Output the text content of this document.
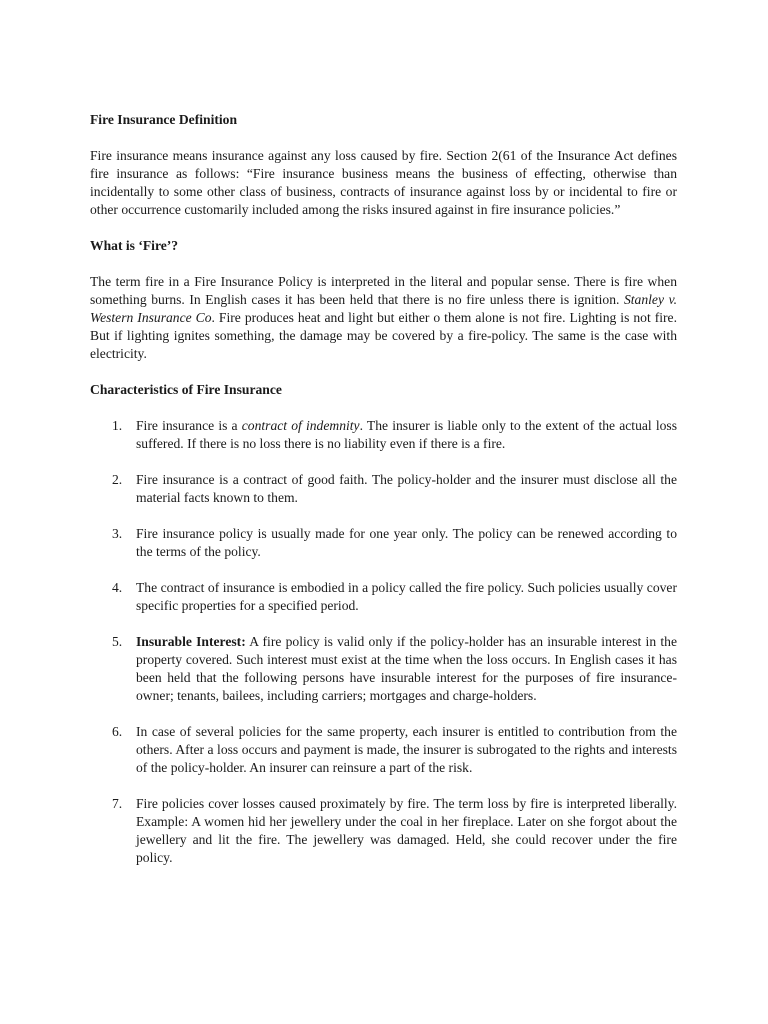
Fire Insurance Definition

Fire insurance means insurance against any loss caused by fire. Section 2(61 of the Insurance Act defines fire insurance as follows: “Fire insurance business means the business of effecting, otherwise than incidentally to some other class of business, contracts of insurance against loss by or incidental to fire or other occurrence customarily included among the risks insured against in fire insurance policies.”

What is ‘Fire’?

The term fire in a Fire Insurance Policy is interpreted in the literal and popular sense. There is fire when something burns. In English cases it has been held that there is no fire unless there is ignition. Stanley v. Western Insurance Co. Fire produces heat and light but either o them alone is not fire. Lighting is not fire. But if lighting ignites something, the damage may be covered by a fire-policy. The same is the case with electricity.

Characteristics of Fire Insurance
1.	Fire insurance is a contract of indemnity. The insurer is liable only to the extent of the actual loss suffered. If there is no loss there is no liability even if there is a fire.
2.	Fire insurance is a contract of good faith. The policy-holder and the insurer must disclose all the material facts known to them.
3.	Fire insurance policy is usually made for one year only. The policy can be renewed according to the terms of the policy.
4.	The contract of insurance is embodied in a policy called the fire policy. Such policies usually cover specific properties for a specified period.
5.	Insurable Interest: A fire policy is valid only if the policy-holder has an insurable interest in the property covered. Such interest must exist at the time when the loss occurs. In English cases it has been held that the following persons have insurable interest for the purposes of fire insurance- owner; tenants, bailees, including carriers; mortgages and charge-holders.
6.	In case of several policies for the same property, each insurer is entitled to contribution from the others. After a loss occurs and payment is made, the insurer is subrogated to the rights and interests of the policy-holder. An insurer can reinsure a part of the risk.
7.	Fire policies cover losses caused proximately by fire. The term loss by fire is interpreted liberally. Example: A women hid her jewellery under the coal in her fireplace. Later on she forgot about the jewellery and lit the fire. The jewellery was damaged. Held, she could recover under the fire policy.
